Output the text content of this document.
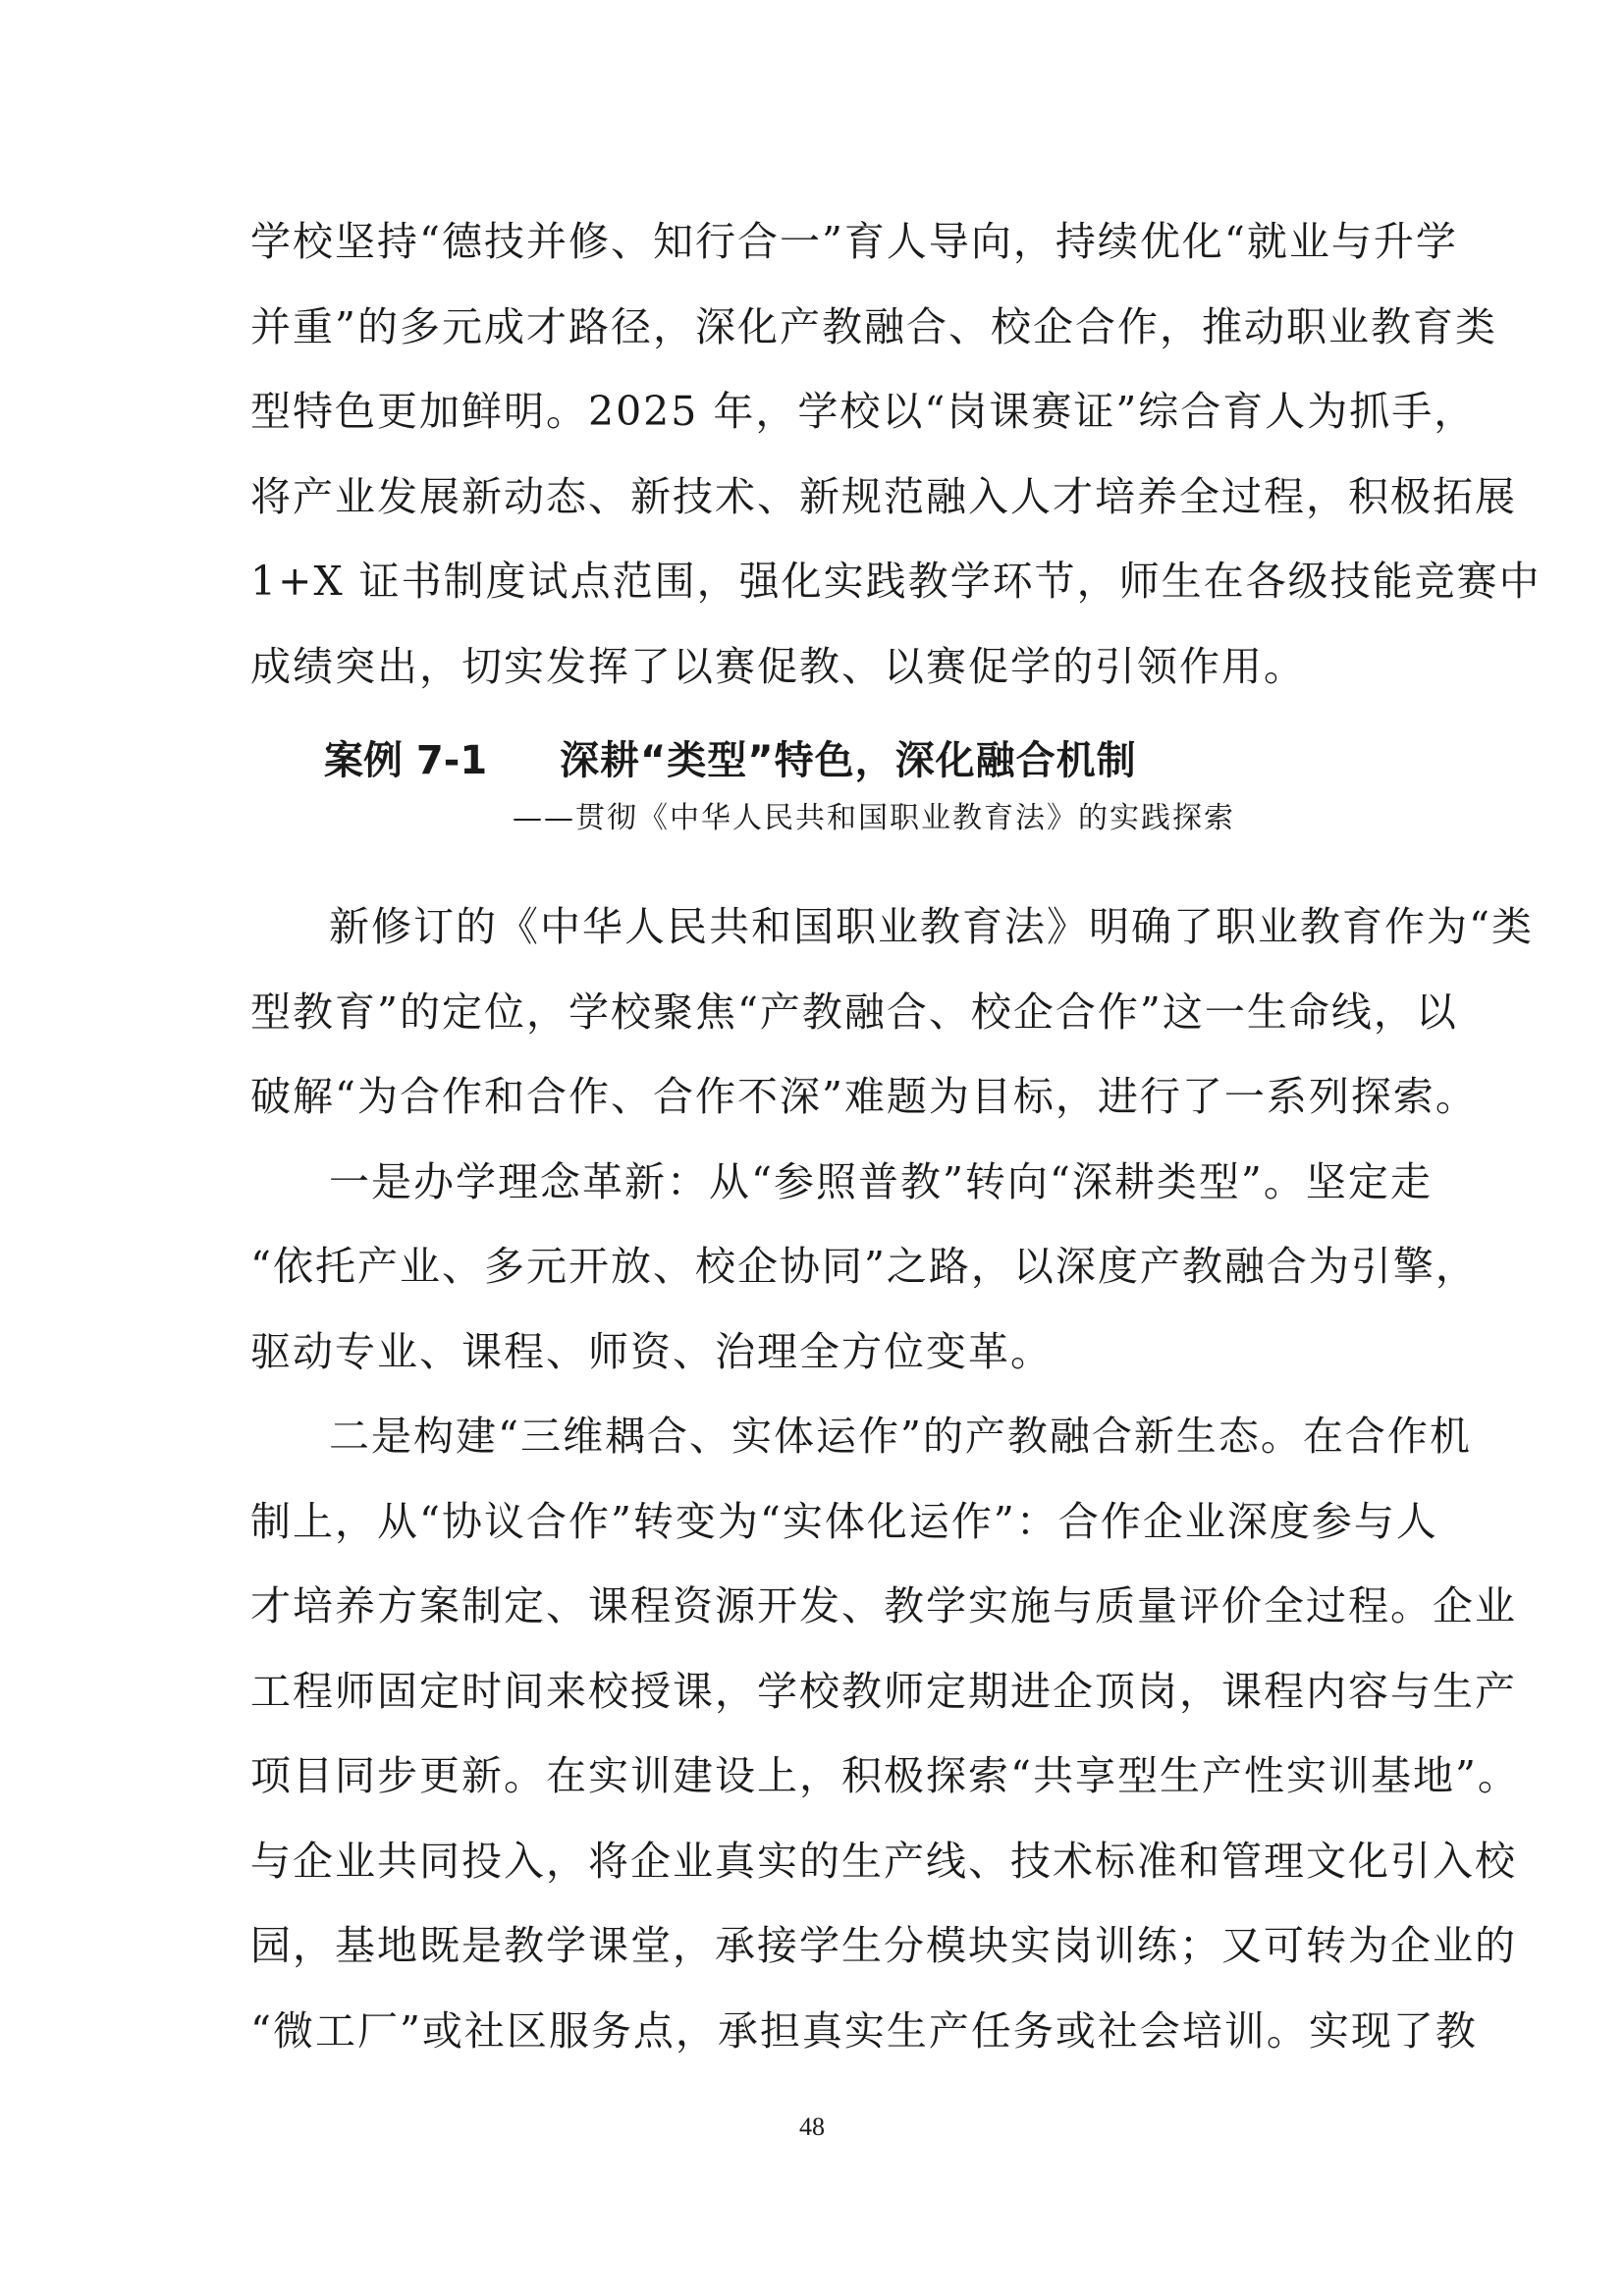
学校坚持“德技并修、知行合一”育人导向，持续优化“就业与升学
并重”的多元成才路径，深化产教融合、校企合作，推动职业教育类
型特色更加鲜明。2025 年，学校以“岗课赛证”综合育人为抓手，
将产业发展新动态、新技术、新规范融入人才培养全过程，积极拓展
1+X 证书制度试点范围，强化实践教学环节，师生在各级技能竞赛中
成绩突出，切实发挥了以赛促教、以赛促学的引领作用。
案例 7-1 深耕“类型”特色，深化融合机制
——贯彻《中华人民共和国职业教育法》的实践探索
新修订的《中华人民共和国职业教育法》明确了职业教育作为“类
型教育”的定位，学校聚焦“产教融合、校企合作”这一生命线，以
破解“为合作和合作、合作不深”难题为目标，进行了一系列探索。
一是办学理念革新：从“参照普教”转向“深耕类型”。坚定走
“依托产业、多元开放、校企协同”之路，以深度产教融合为引擎，
驱动专业、课程、师资、治理全方位变革。
二是构建“三维耦合、实体运作”的产教融合新生态。在合作机
制上，从“协议合作”转变为“实体化运作”：合作企业深度参与人
才培养方案制定、课程资源开发、教学实施与质量评价全过程。企业
工程师固定时间来校授课，学校教师定期进企顶岗，课程内容与生产
项目同步更新。在实训建设上，积极探索“共享型生产性实训基地”。
与企业共同投入，将企业真实的生产线、技术标准和管理文化引入校
园，基地既是教学课堂，承接学生分模块实岗训练；又可转为企业的
“微工厂”或社区服务点，承担真实生产任务或社会培训。实现了教
48
